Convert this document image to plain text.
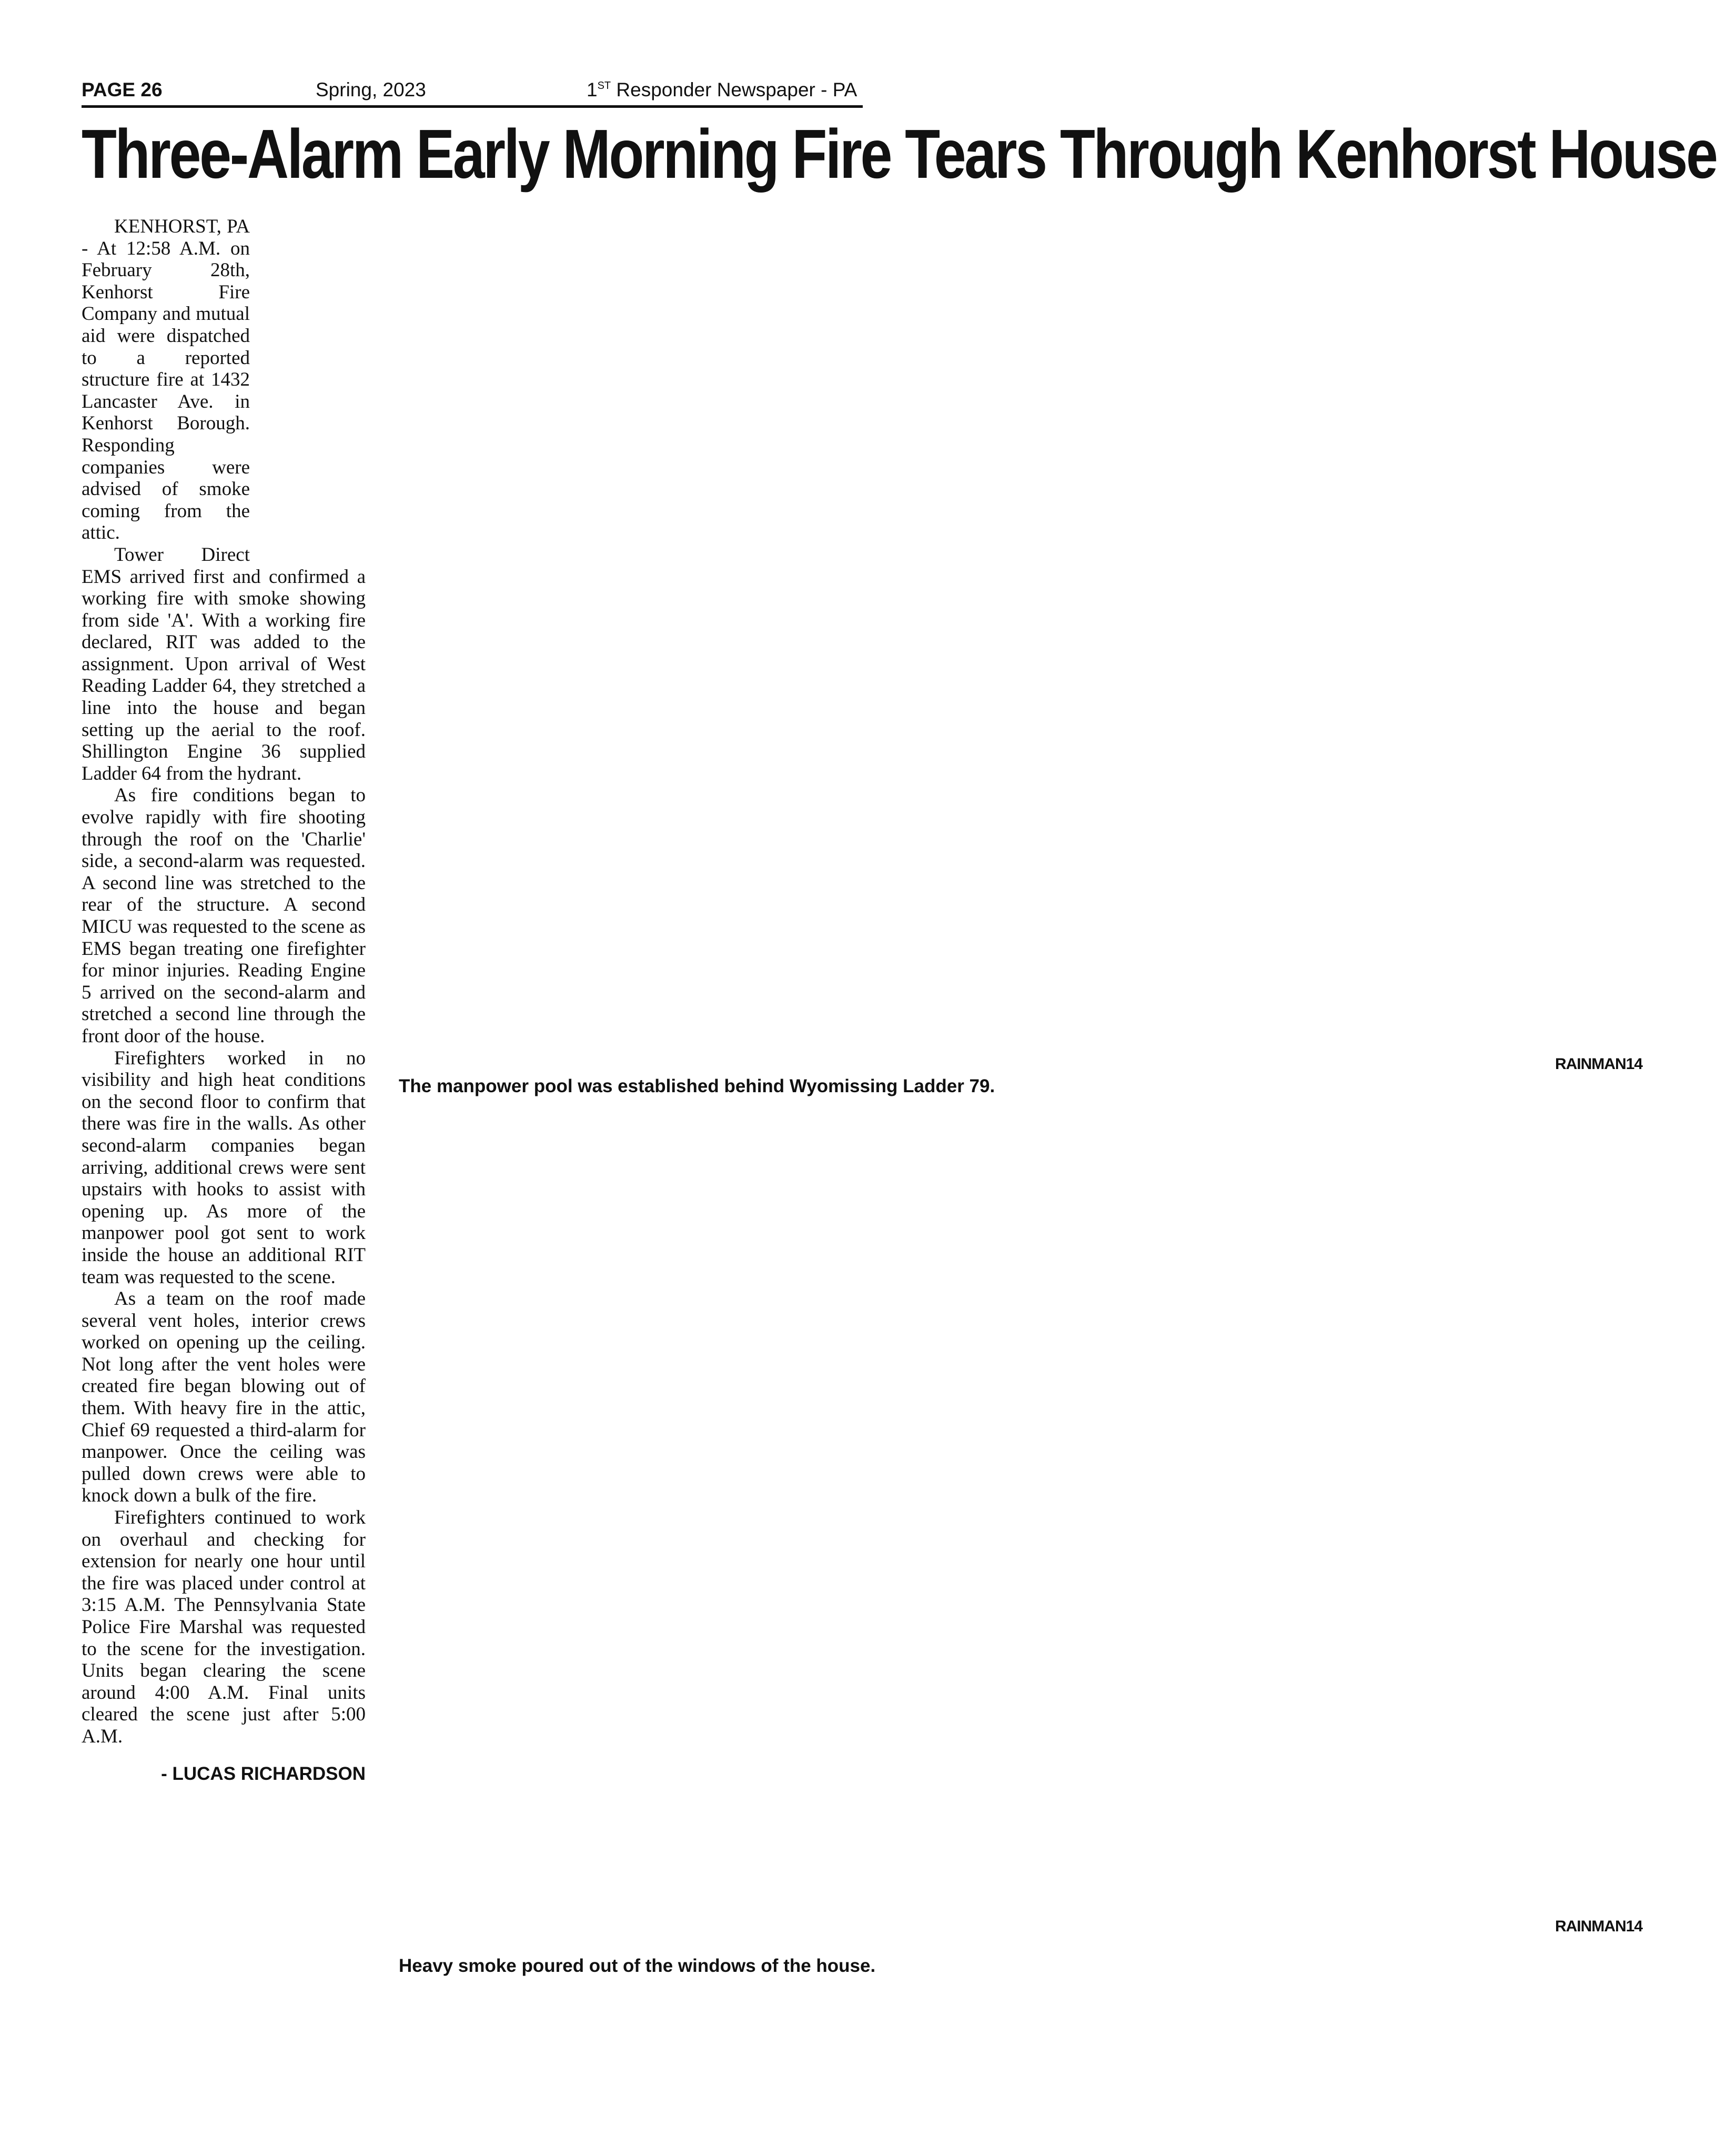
PAGE 26	Spring, 2023	1ST Responder Newspaper - PA
Three-Alarm Early Morning Fire Tears Through Kenhorst House

KENHORST, PA - At 12:58 A.M. on February 28th, Kenhorst Fire Company and mutual aid were dispatched to a reported structure fire at 1432 Lancaster Ave. in Kenhorst Borough. Responding companies were advised of smoke coming from the attic.

Tower Direct EMS arrived first and confirmed a working fire with smoke showing from side 'A'. With a working fire declared, RIT was added to the assignment. Upon arrival of West Reading Ladder 64, they stretched a line into the house and began setting up the aerial to the roof. Shillington Engine 36 supplied Ladder 64 from the hydrant.

As fire conditions began to evolve rapidly with fire shooting through the roof on the 'Charlie' side, a second-alarm was requested. A second line was stretched to the rear of the structure. A second MICU was requested to the scene as EMS began treating one firefighter for minor injuries. Reading Engine 5 arrived on the second-alarm and stretched a second line through the front door of the house.

Firefighters worked in no visibility and high heat conditions on the second floor to confirm that there was fire in the walls. As other second-alarm companies began arriving, additional crews were sent upstairs with hooks to assist with opening up. As more of the manpower pool got sent to work inside the house an additional RIT team was requested to the scene.

As a team on the roof made several vent holes, interior crews worked on opening up the ceiling. Not long after the vent holes were created fire began blowing out of them. With heavy fire in the attic, Chief 69 requested a third-alarm for manpower. Once the ceiling was pulled down crews were able to knock down a bulk of the fire.

Firefighters continued to work on overhaul and checking for extension for nearly one hour until the fire was placed under control at 3:15 A.M. The Pennsylvania State Police Fire Marshal was requested to the scene for the investigation. Units began clearing the scene around 4:00 A.M. Final units cleared the scene just after 5:00 A.M.

- LUCAS RICHARDSON
RAINMAN14
The manpower pool was established behind Wyomissing Ladder 79.
RAINMAN14
Heavy smoke poured out of the windows of the house.
